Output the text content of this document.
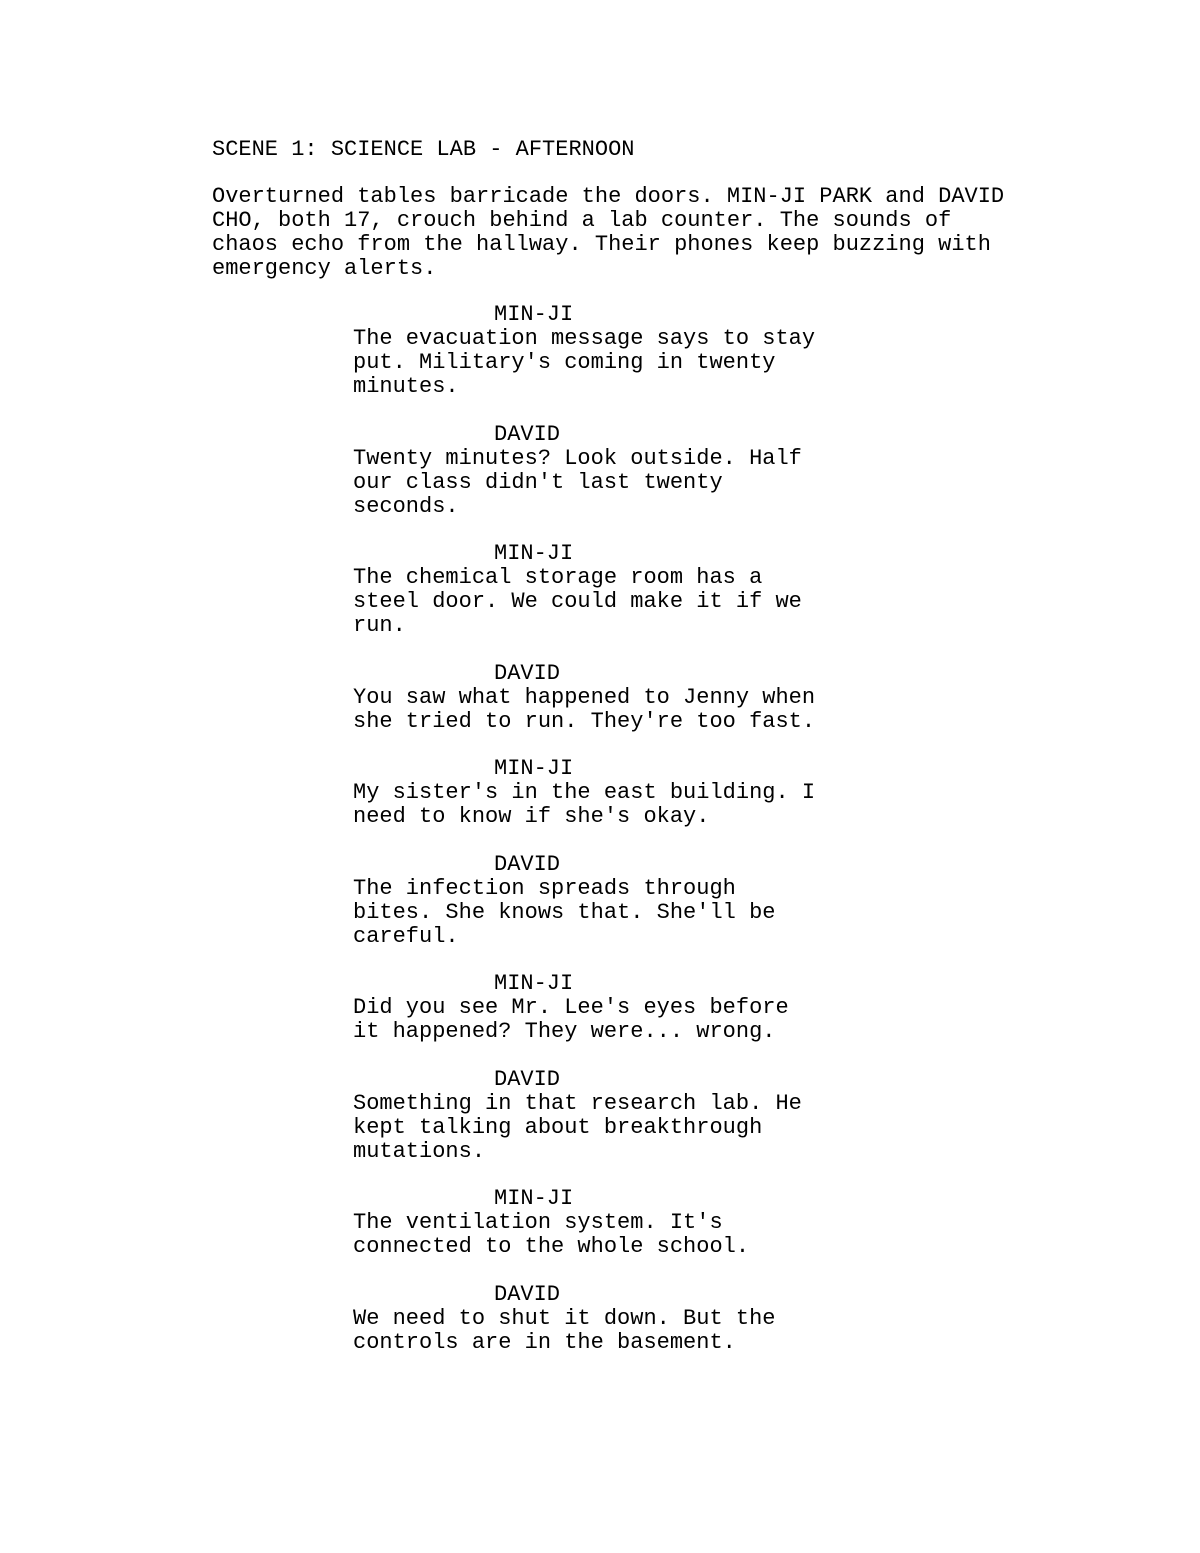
SCENE 1: SCIENCE LAB - AFTERNOON
Overturned tables barricade the doors. MIN-JI PARK and DAVID
CHO, both 17, crouch behind a lab counter. The sounds of
chaos echo from the hallway. Their phones keep buzzing with
emergency alerts.
MIN-JI
The evacuation message says to stay
put. Military's coming in twenty
minutes.
DAVID
Twenty minutes? Look outside. Half
our class didn't last twenty
seconds.
MIN-JI
The chemical storage room has a
steel door. We could make it if we
run.
DAVID
You saw what happened to Jenny when
she tried to run. They're too fast.
MIN-JI
My sister's in the east building. I
need to know if she's okay.
DAVID
The infection spreads through
bites. She knows that. She'll be
careful.
MIN-JI
Did you see Mr. Lee's eyes before
it happened? They were... wrong.
DAVID
Something in that research lab. He
kept talking about breakthrough
mutations.
MIN-JI
The ventilation system. It's
connected to the whole school.
DAVID
We need to shut it down. But the
controls are in the basement.
